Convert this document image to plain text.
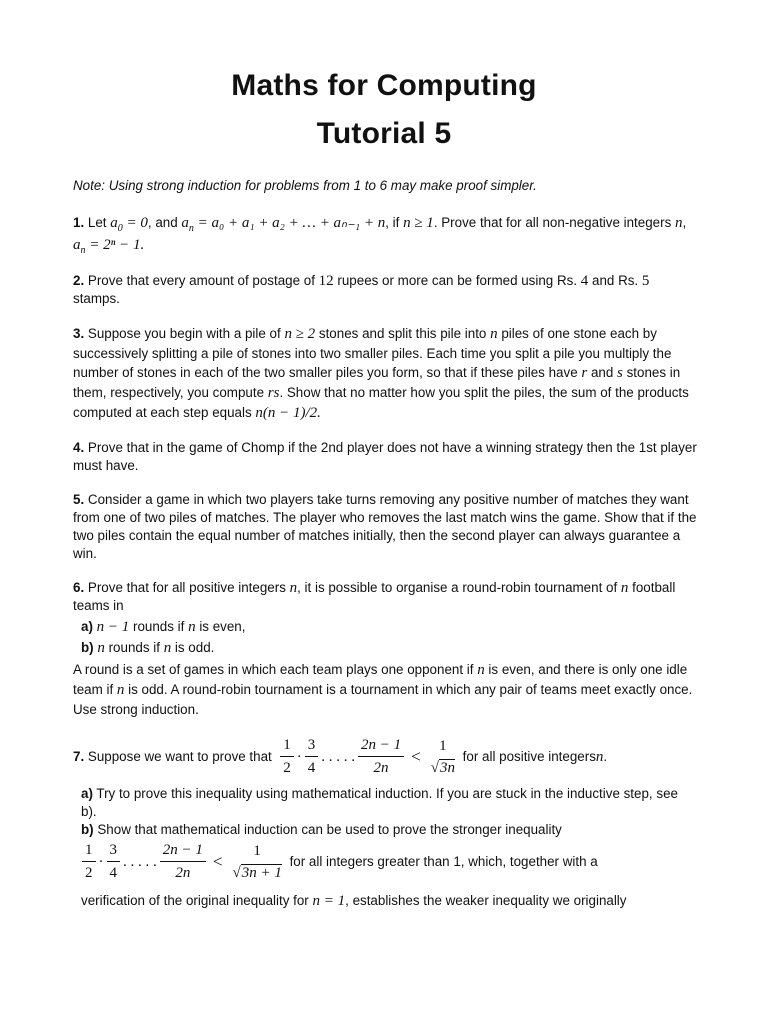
Maths for Computing
Tutorial 5
Note: Using strong induction for problems from 1 to 6 may make proof simpler.

1. Let $a_0 = 0$, and $a_n = a_0 + a_1 + a_2$ + … + aₙ₋₁ + n, if n ≥ 1. Prove that for all non-negative integers n, $a_n = 2^n - 1$.

2. Prove that every amount of postage of 12 rupees or more can be formed using Rs. 4 and Rs. 5 stamps.

3. Suppose you begin with a pile of n ≥ 2 stones and split this pile into n piles of one stone each by successively splitting a pile of stones into two smaller piles. Each time you split a pile you multiply the number of stones in each of the two smaller piles you form, so that if these piles have r and s stones in them, respectively, you compute rs. Show that no matter how you split the piles, the sum of the products computed at each step equals n(n − 1)/2.

4. Prove that in the game of Chomp if the 2nd player does not have a winning strategy then the 1st player must have.

5. Consider a game in which two players take turns removing any positive number of matches they want from one of two piles of matches. The player who removes the last match wins the game. Show that if the two piles contain the equal number of matches initially, then the second player can always guarantee a win.

6. Prove that for all positive integers n, it is possible to organise a round-robin tournament of n football teams in

a) n − 1 rounds if n is even,
b) n rounds if n is odd.

A round is a set of games in which each team plays one opponent if n is even, and there is only one idle team if n is odd. A round-robin tournament is a tournament in which any pair of teams meet exactly once. Use strong induction.

7.
Suppose we want to prove that
$\frac{1}{2} \cdot \frac{3}{4}$ . . . . . $\frac{2n - 1}{2n}$ <
1
√3n

for all positive integers n .
a) Try to prove this inequality using mathematical induction. If you are stuck in the inductive step, see b).
b) Show that mathematical induction can be used to prove the stronger inequality
$\frac{1}{2} \cdot \frac{3}{4}$ . . . . . $\frac{2n - 1}{2n}$ <
1
√3n + 1

for all integers greater than 1, which, together with a
verification of the original inequality for n = 1, establishes the weaker inequality we originally
